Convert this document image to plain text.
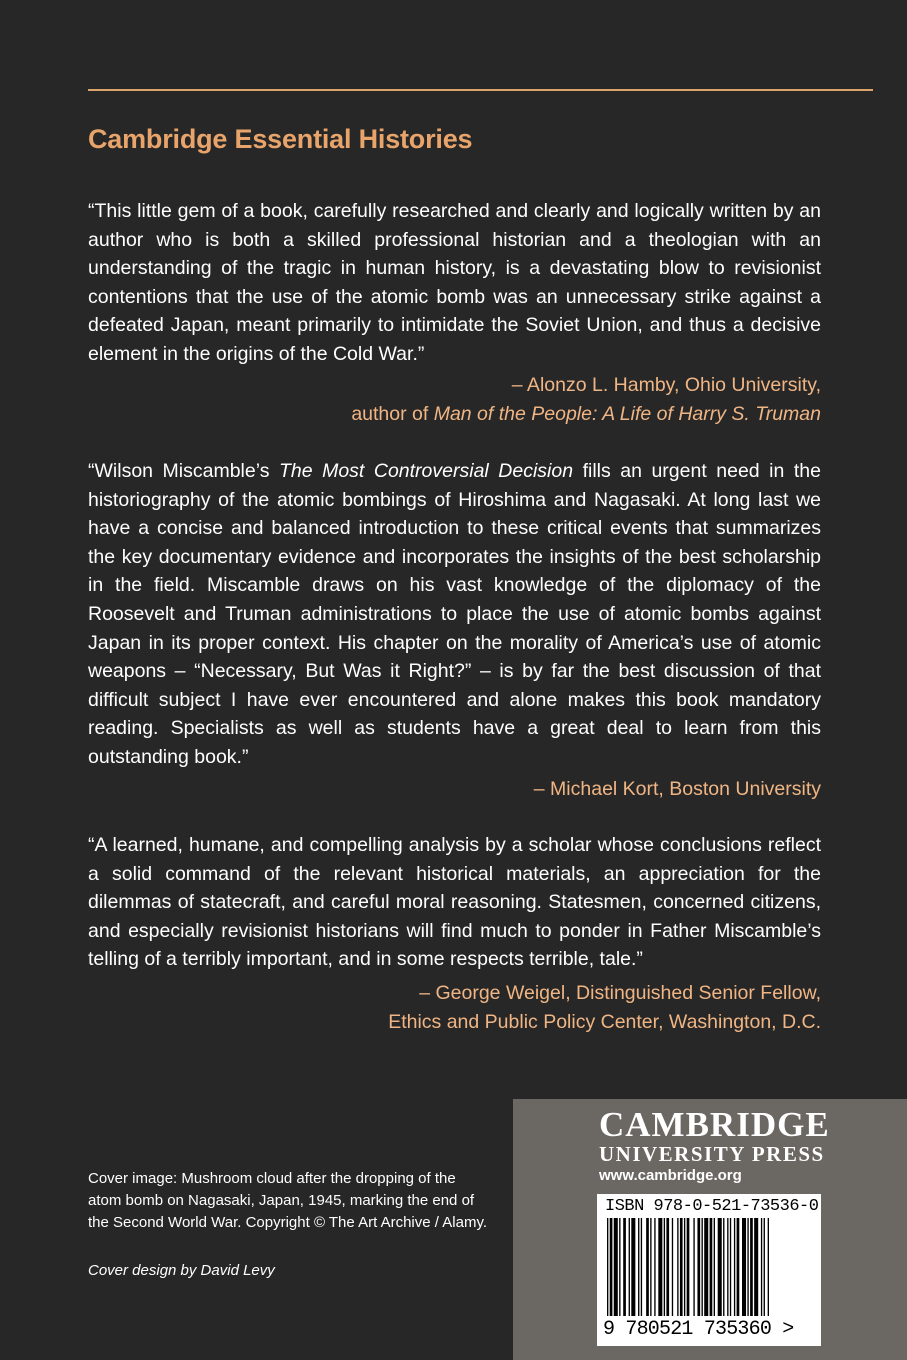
Cambridge Essential Histories

“This little gem of a book, carefully researched and clearly and logically written by an author who is both a skilled professional historian and a theologian with an understanding of the tragic in human history, is a devastating blow to revisionist contentions that the use of the atomic bomb was an unnecessary strike against a defeated Japan, meant primarily to intimidate the Soviet Union, and thus a decisive element in the origins of the Cold War.”

– Alonzo L. Hamby, Ohio University,
author of Man of the People: A Life of Harry S. Truman

“Wilson Miscamble’s The Most Controversial Decision fills an urgent need in the historiography of the atomic bombings of Hiroshima and Nagasaki. At long last we have a concise and balanced introduction to these critical events that summarizes the key documentary evidence and incorporates the insights of the best scholarship in the field. Miscamble draws on his vast knowledge of the diplomacy of the Roosevelt and Truman administrations to place the use of atomic bombs against Japan in its proper context. His chapter on the morality of America’s use of atomic weapons – “Necessary, But Was it Right?” – is by far the best discussion of that difficult subject I have ever encountered and alone makes this book mandatory reading. Specialists as well as students have a great deal to learn from this outstanding book.”

– Michael Kort, Boston University

“A learned, humane, and compelling analysis by a scholar whose conclusions reflect a solid command of the relevant historical materials, an appreciation for the dilemmas of statecraft, and careful moral reasoning. Statesmen, concerned citizens, and especially revisionist historians will find much to ponder in Father Miscamble’s telling of a terribly important, and in some respects terrible, tale.”

– George Weigel, Distinguished Senior Fellow,
Ethics and Public Policy Center, Washington, D.C.
Cover image: Mushroom cloud after the dropping of the atom bomb on Nagasaki, Japan, 1945, marking the end of the Second World War. Copyright © The Art Archive / Alamy.
Cover design by David Levy
CAMBRIDGE
UNIVERSITY PRESS
www.cambridge.org
ISBN 978-0-521-73536-0
9 780521 735360 >
